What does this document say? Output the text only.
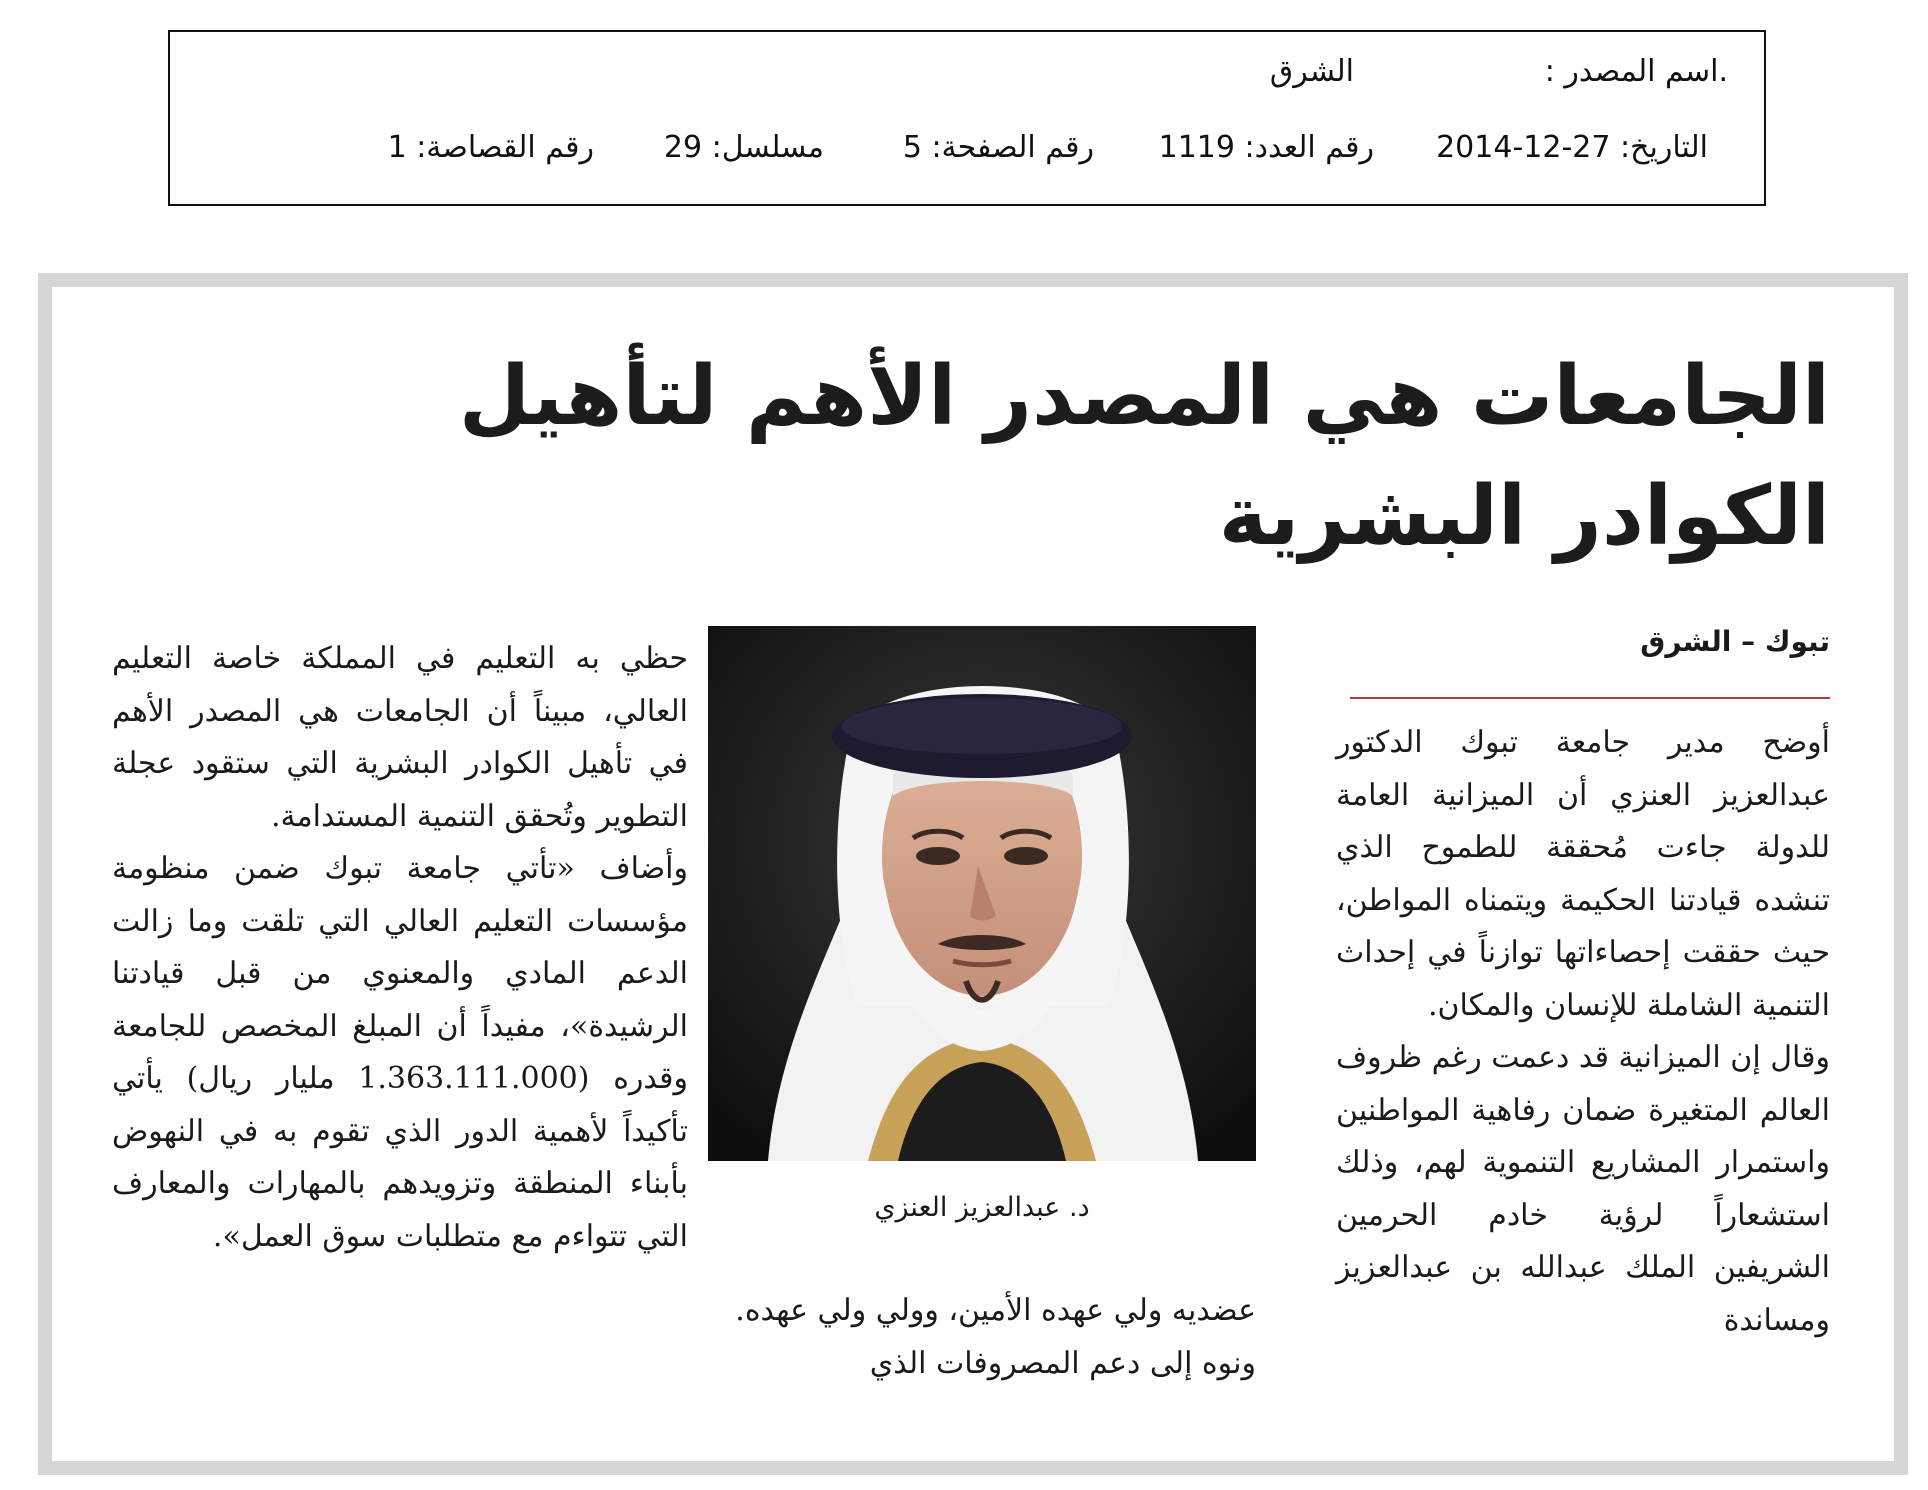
.اسم المصدر :
الشرق
التاريخ: 27-12-2014
رقم العدد: 1119
رقم الصفحة: 5
مسلسل: 29
رقم القصاصة: 1
الجامعات هي المصدر الأهم لتأهيل الكوادر البشرية
تبوك – الشرق

أوضح مدير جامعة تبوك الدكتور عبدالعزيز العنزي أن الميزانية العامة للدولة جاءت مُحققة للطموح الذي تنشده قيادتنا الحكيمة ويتمناه المواطن، حيث حققت إحصاءاتها توازناً في إحداث التنمية الشاملة للإنسان والمكان.

وقال إن الميزانية قد دعمت رغم ظروف العالم المتغيرة ضمان رفاهية المواطنين واستمرار المشاريع التنموية لهم، وذلك استشعاراً لرؤية خادم الحرمين الشريفين الملك عبدالله بن عبدالعزيز ومساندة

د. عبدالعزيز العنزي

عضديه ولي عهده الأمين، وولي ولي عهده.

ونوه إلى دعم المصروفات الذي

حظي به التعليم في المملكة خاصة التعليم العالي، مبيناً أن الجامعات هي المصدر الأهم في تأهيل الكوادر البشرية التي ستقود عجلة التطوير وتُحقق التنمية المستدامة.

وأضاف «تأتي جامعة تبوك ضمن منظومة مؤسسات التعليم العالي التي تلقت وما زالت الدعم المادي والمعنوي من قبل قيادتنا الرشيدة»، مفيداً أن المبلغ المخصص للجامعة وقدره (1.363.111.000 مليار ريال) يأتي تأكيداً لأهمية الدور الذي تقوم به في النهوض بأبناء المنطقة وتزويدهم بالمهارات والمعارف التي تتواءم مع متطلبات سوق العمل».
